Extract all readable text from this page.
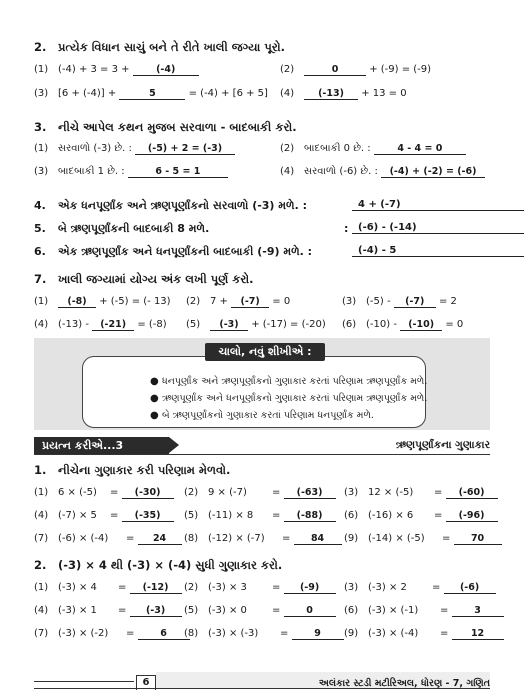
2. પ્રત્યેક વિધાન સાચું બને તે રીતે ખાલી જગ્યા પૂરો.
(1) (-4) + 3 = 3 +	(-4)	(2)	0	+ (-9) = (-9)
(3) [6 + (-4)] +	5	= (-4) + [6 + 5] (4)	(-13) + 13 = 0
3. નીચે આપેલ કથન મુજબ સરવાળા - બાદબાકી કરો.
(1) સરવાળો (-3) છે. : (-5) + 2 = (-3)	(2) બાદબાકી 0 છે. :	4 - 4 = 0
(3) બાદબાકી 1 છે. :	6 - 5 = 1	(4) સરવાળો (-6) છે. : (-4) + (-2) = (-6)
4. એક ધનપૂર્ણાંક અને ઋણપૂર્ણાંકનો સરવાળો (-3) મળે. :	4 + (-7)
5. બે ઋણપૂર્ણાંકની બાદબાકી 8 મળે.	: (-6) - (-14)
6. એક ઋણપૂર્ણાંક અને ધનપૂર્ણાંકની બાદબાકી (-9) મળે. :	(-4) - 5
7. ખાલી જગ્યામાં યોગ્ય અંક લખી પૂર્ણ કરો.
(1) (-8) + (-5) = (- 13) (2) 7 + (-7) = 0	(3) (-5) - (-7) = 2
(4) (-13) - (-21) = (-8) (5) (-3) + (-17) = (-20) (6) (-10) - (-10) = 0
ચાલો, નવું શીખીએ :
● ધનપૂર્ણાંક અને ઋણપૂર્ણાંકનો ગુણાકાર કરતાં પરિણામ ઋણપૂર્ણાંક મળે.
● ઋણપૂર્ણાંક અને ધનપૂર્ણાંકનો ગુણાકાર કરતાં પરિણામ ઋણપૂર્ણાંક મળે.
● બે ઋણપૂર્ણાંકનો ગુણાકાર કરતાં પરિણામ ધનપૂર્ણાંક મળે.
પ્રયત્ન કરીએ...3	ઋણપૂર્ણાંકના ગુણાકાર
1. નીચેના ગુણાકાર કરી પરિણામ મેળવો.
(1) 6 × (-5) = (-30)	(2) 9 × (-7)	= (-63)	(3) 12 × (-5) = (-60)
(4) (-7) × 5 = (-35)	(5) (-11) × 8 = (-88)	(6) (-16) × 6 = (-96)
(7) (-6) × (-4) = 24	(8) (-12) × (-7) = 84	(9) (-14) × (-5) = 70
2. (-3) × 4 થી (-3) × (-4) સુધી ગુણાકાર કરો.
(1) (-3) × 4 = (-12)	(2) (-3) × 3	= (-9)	(3) (-3) × 2	= (-6)
(4) (-3) × 1 = (-3)	(5) (-3) × 0	= 0	(6) (-3) × (-1) = 3
(7) (-3) × (-2) = 6	(8) (-3) × (-3) = 9	(9) (-3) × (-4) = 12
6	અલંકાર સ્ટડી મટીરિઅલ, ધોરણ - 7, ગણિત
